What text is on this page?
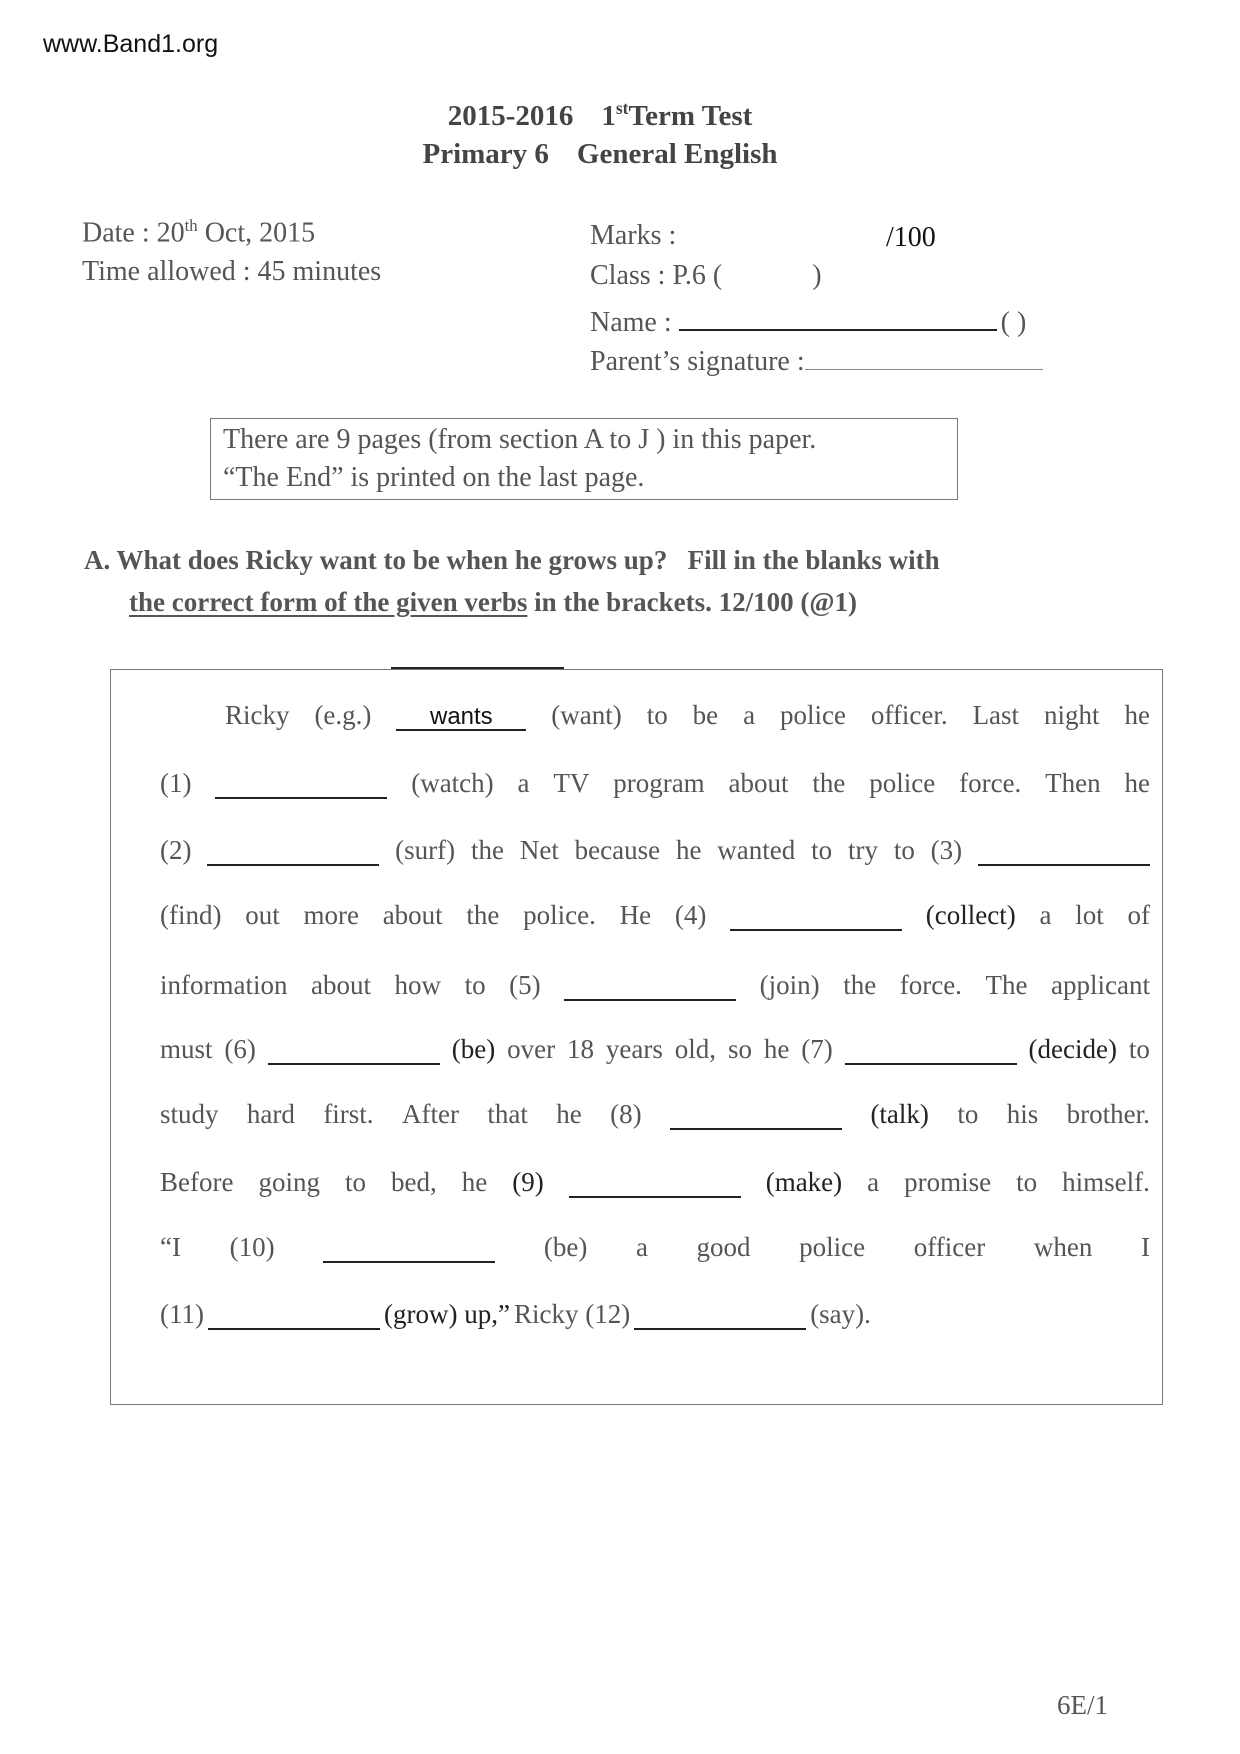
www.Band1.org
2015-2016 1stTerm Test
Primary 6 General English
Date : 20th Oct, 2015
Time allowed : 45 minutes
Marks :	/100
Class : P.6 (	)
Name :	( )
Parent’s signature :
There are 9 pages (from section A to J ) in this paper.
“The End” is printed on the last page.
A. What does Ricky want to be when he grows up? Fill in the blanks with
the correct form of the given verbs in the brackets. 12/100 (@1)
Ricky (e.g.)	wants	(want) to be a police officer. Last night he
(1)	(watch) a TV program about the police force. Then he
(2)	(surf) the Net because he wanted to try to (3)
(find) out more about the police. He (4)	(collect) a lot of
information about how to (5)	(join) the force. The applicant
must (6)	(be) over 18 years old, so he (7)	(decide) to
study hard first. After that he (8)	(talk) to his brother.
Before going to bed, he (9)	(make) a promise to himself.
“I (10)	(be) a good police officer when I
(11)	(grow) up,” Ricky (12)	(say).
6E/1
